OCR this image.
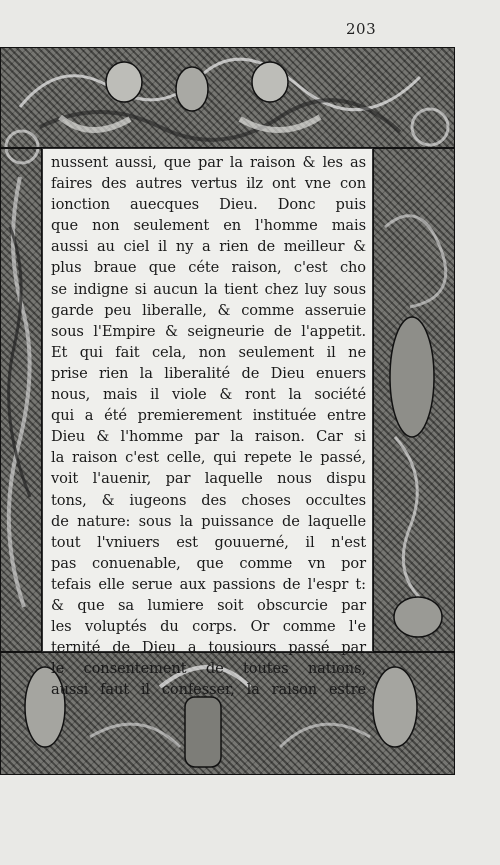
203
nussent aussi, que par la raison & les as
faires des autres vertus ilz ont vne con
ionction auecques Dieu. Donc puis
que non seulement en l'homme mais
aussi au ciel il ny a rien de meilleur &
plus braue que céte raison, c'est cho
se indigne si aucun la tient chez luy sous
garde peu liberalle, & comme asseruie
sous l'Empire & seigneurie de l'appetit.
Et qui fait cela, non seulement il ne
prise rien la liberalité de Dieu enuers
nous, mais il viole & ront la société
qui a été premierement instituée entre
Dieu & l'homme par la raison. Car si
la raison c'est celle, qui repete le passé,
voit l'auenir, par laquelle nous dispu
tons, & iugeons des choses occultes
de nature: sous la puissance de laquelle
tout l'vniuers est gouuerné, il n'est
pas conuenable, que comme vn por
tefais elle serue aux passions de l'espr t:
& que sa lumiere soit obscurcie par
les voluptés du corps. Or comme l'e
ternité de Dieu a tousiours passé par
le consentement de toutes nations,
aussi faut il confesser, la raison estre
